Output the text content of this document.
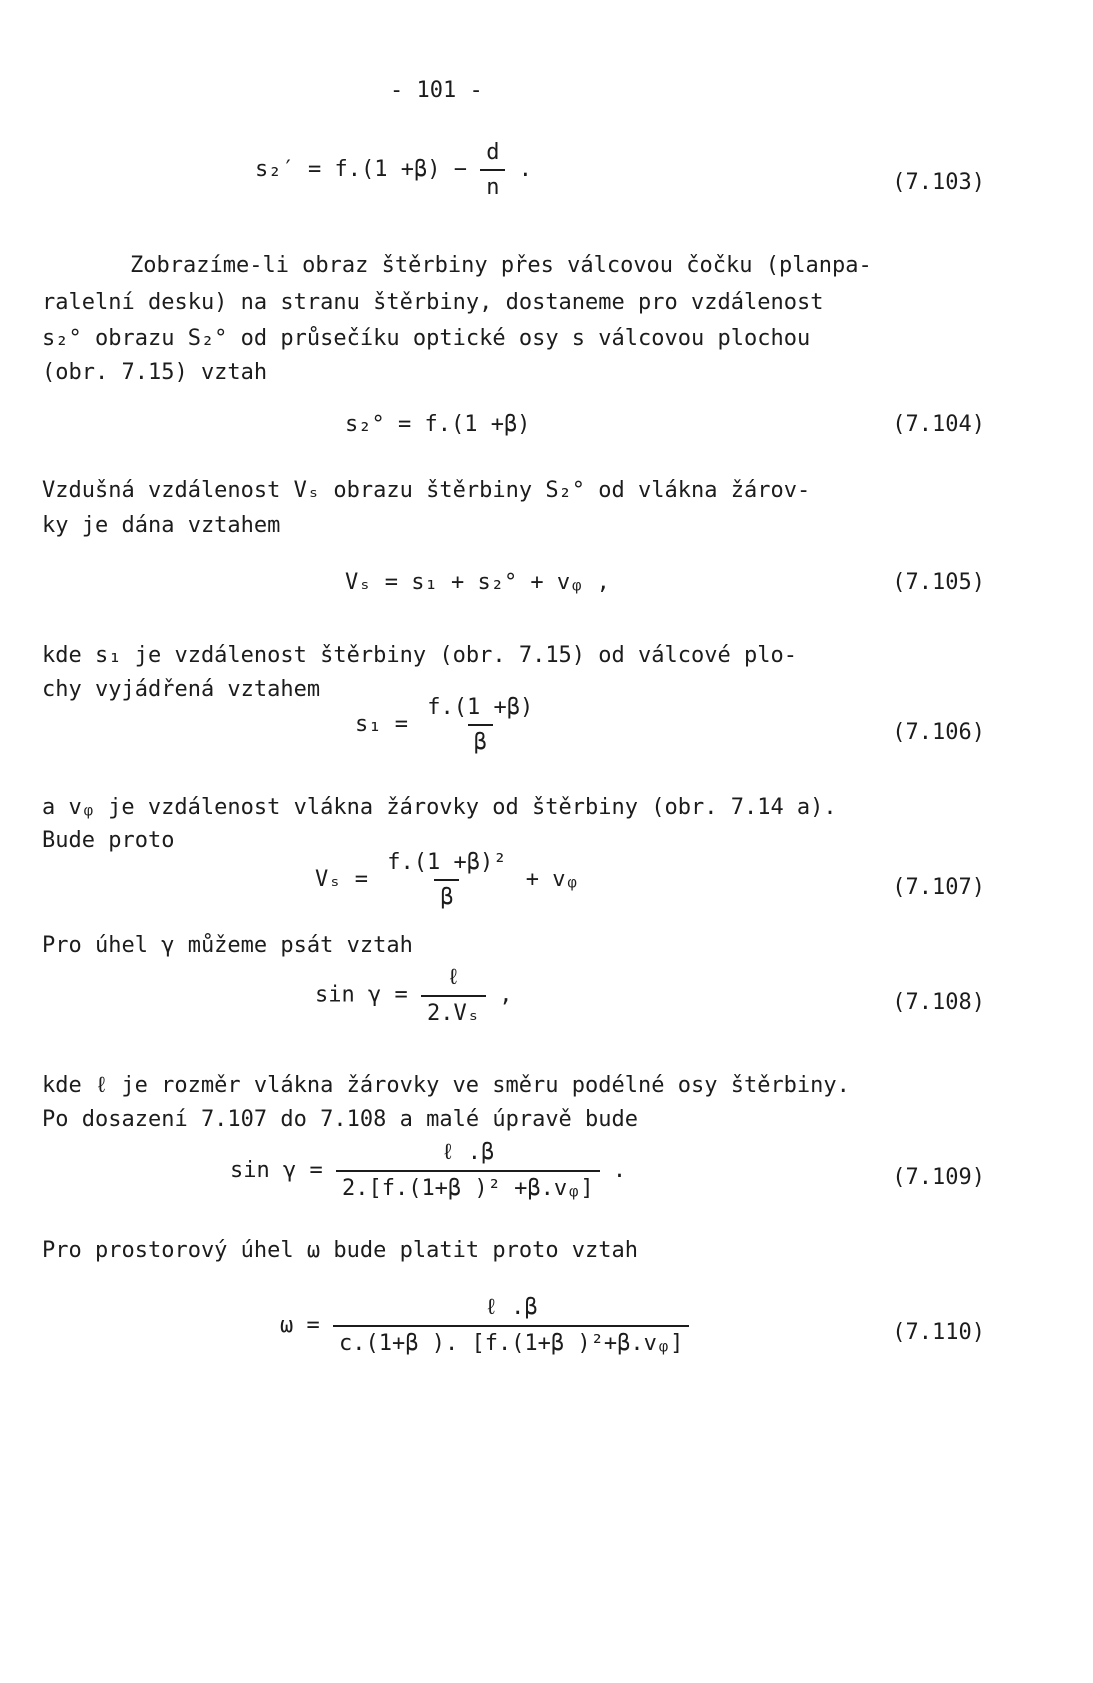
- 101 -
$s_2' = f.(1 +\beta) - \frac{d}{n}$ .
(7.103)
Zobrazíme-li obraz štěrbiny přes válcovou čočku (planpa-
ralelní desku) na stranu štěrbiny, dostaneme pro vzdálenost
s₂° obrazu S₂° od průsečíku optické osy s válcovou plochou
(obr. 7.15) vztah
s₂° = f.(1 +β)	(7.104)
Vzdušná vzdálenost Vₛ obrazu štěrbiny S₂° od vlákna žárov-
ky je dána vztahem
Vₛ = s₁ + s₂° + vᵩ ,	(7.105)
kde s₁ je vzdálenost štěrbiny (obr. 7.15) od válcové plo-
chy vyjádřená vztahem
$s_1 = \frac{f.(1 +\beta)}{\beta}$	(7.106)
a vᵩ je vzdálenost vlákna žárovky od štěrbiny (obr. 7.14 a).
Bude proto
$V_s = \frac{\text{f.(1 +β)²}}{\beta}$ + vᵩ	(7.107)
Pro úhel γ můžeme psát vztah
$\sin \gamma = \frac{\text{ℓ}}{\text{2.Vₛ}}$ ,	(7.108)
kde ℓ je rozměr vlákna žárovky ve směru podélné osy štěrbiny.
Po dosazení 7.107 do 7.108 a malé úpravě bude
$\sin \gamma = \frac{\text{ℓ .β}}{\text{2.[f.(1+β )² +β.vᵩ]}}$ .	(7.109)
Pro prostorový úhel ω bude platit proto vztah
$\omega = \frac{\text{ℓ .β}}{\text{c.(1+β ). [f.(1+β )²+β.vᵩ]}}$	(7.110)
